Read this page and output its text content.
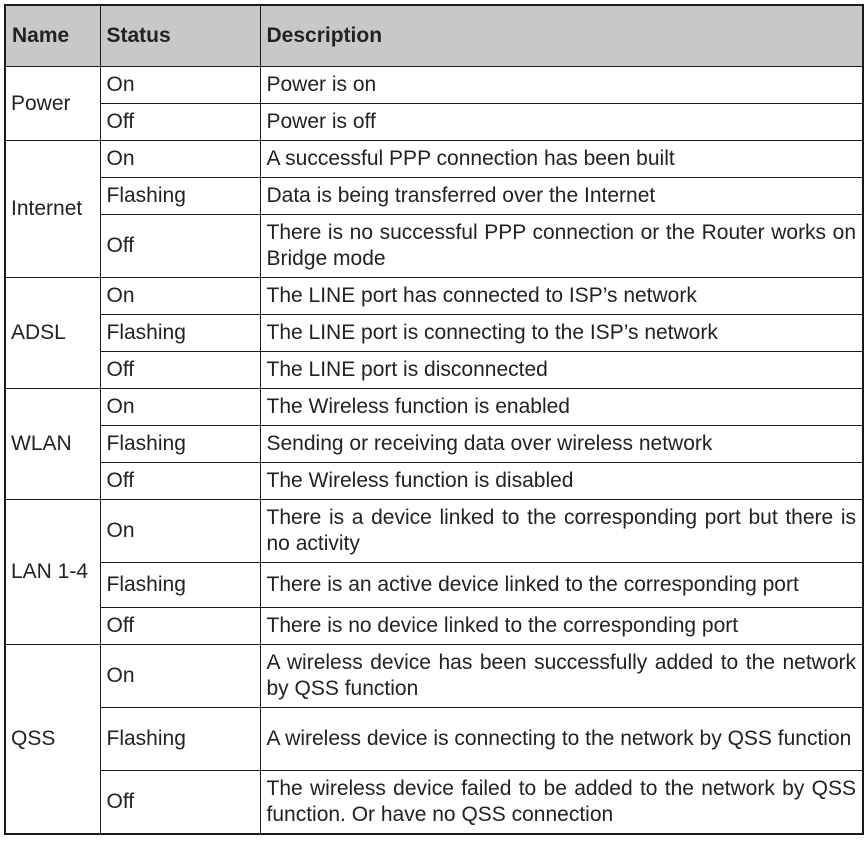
Name	Status	Description
Power	On	Power is on
	Off	Power is off
Internet	On	A successful PPP connection has been built
	Flashing	Data is being transferred over the Internet
	Off	There is no successful PPP connection or the Router works on Bridge mode
ADSL	On	The LINE port has connected to ISP’s network
	Flashing	The LINE port is connecting to the ISP’s network
	Off	The LINE port is disconnected
WLAN	On	The Wireless function is enabled
	Flashing	Sending or receiving data over wireless network
	Off	The Wireless function is disabled
LAN 1-4	On	There is a device linked to the corresponding port but there is no activity
	Flashing	There is an active device linked to the corresponding port
	Off	There is no device linked to the corresponding port
QSS	On	A wireless device has been successfully added to the network by QSS function
	Flashing	A wireless device is connecting to the network by QSS function
	Off	The wireless device failed to be added to the network by QSS function. Or have no QSS connection
